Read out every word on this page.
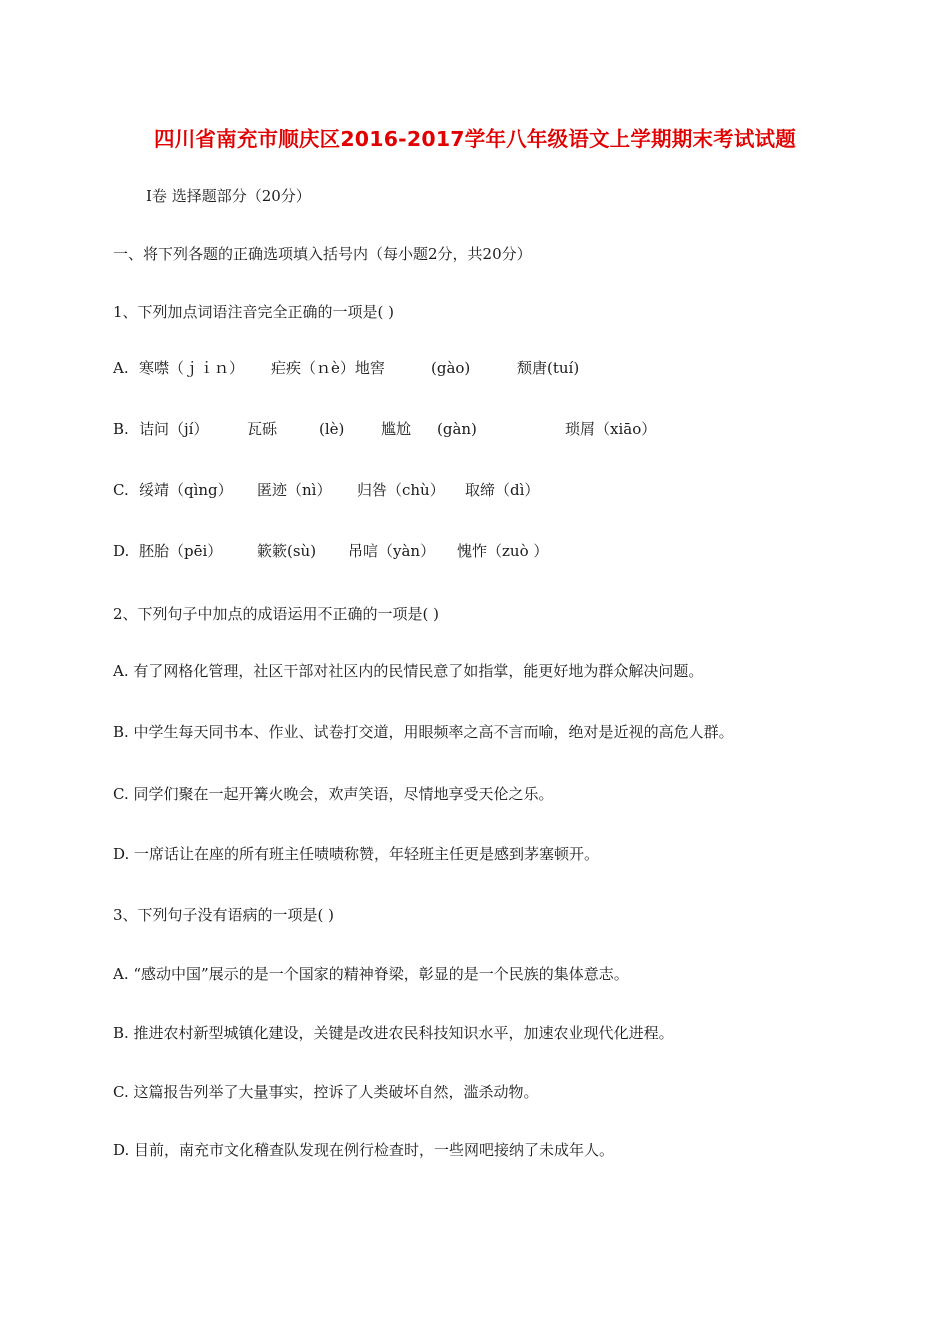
四川省南充市顺庆区2016-2017学年八年级语文上学期期末考试试题
Ⅰ卷 选择题部分（20分）
一、将下列各题的正确选项填入括号内（每小题2分，共20分）
1、下列加点词语注音完全正确的一项是( )
A. 寒噤（ｊｉｎ） 疟疾（ｎè）地窖	(gào)	颓唐(tuí)
B. 诘问（jí）	瓦砾	(lè) 尴尬 (gàn)	琐屑（xiāo）
C. 绥靖（qìng） 匿迹（nì） 归咎（chù） 取缔（dì）
D. 胚胎（pēi） 簌簌(sù) 吊唁（yàn） 愧怍（zuò ）
2、下列句子中加点的成语运用不正确的一项是( )
A. 有了网格化管理，社区干部对社区内的民情民意了如指掌，能更好地为群众解决问题。
B. 中学生每天同书本、作业、试卷打交道，用眼频率之高不言而喻，绝对是近视的高危人群。
C. 同学们聚在一起开篝火晚会，欢声笑语，尽情地享受天伦之乐。
D. 一席话让在座的所有班主任啧啧称赞，年轻班主任更是感到茅塞顿开。
3、下列句子没有语病的一项是( )
A. “感动中国”展示的是一个国家的精神脊梁，彰显的是一个民族的集体意志。
B. 推进农村新型城镇化建设，关键是改进农民科技知识水平，加速农业现代化进程。
C. 这篇报告列举了大量事实，控诉了人类破坏自然，滥杀动物。
D. 目前，南充市文化稽查队发现在例行检查时，一些网吧接纳了未成年人。
